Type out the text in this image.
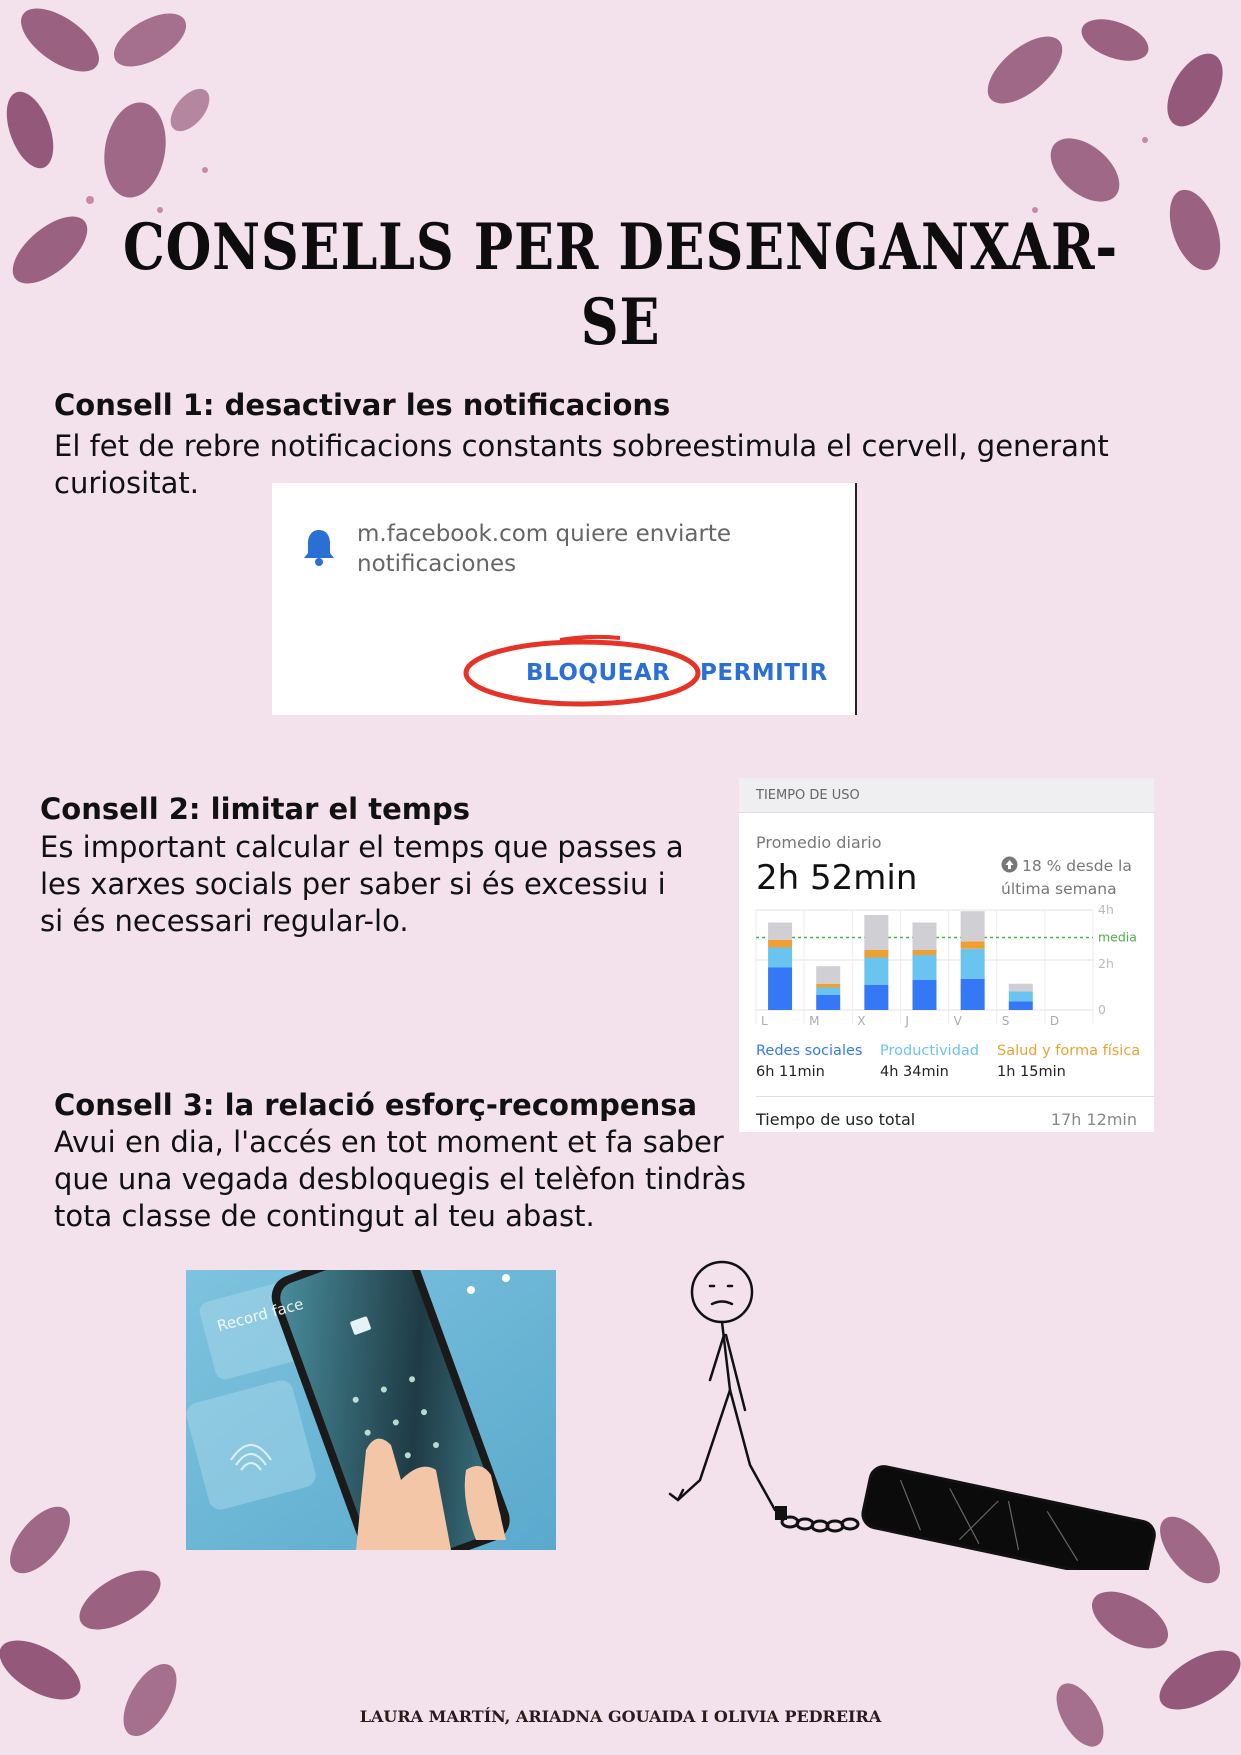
CONSELLS PER DESENGANXAR-SE

Consell 1: desactivar les notificacions

El fet de rebre notificacions constants sobreestimula el cervell, generant
curiositat.

m.facebook.com quiere enviarte
notificaciones
BLOQUEAR PERMITIR

Consell 2: limitar el temps

Es important calcular el temps que passes a
les xarxes socials per saber si és excessiu i
si és necessari regular-lo.

TIEMPO DE USO
Promedio diario
2h 52min	18 % desde la
última semana
L	M	X	J	V	S	D
4h
media
2h
0
Redes sociales
6h 11min
Productividad
4h 34min
Salud y forma física
1h 15min
Tiempo de uso total	17h 12min

Consell 3: la relació esforç-recompensa

Avui en dia, l'accés en tot moment et fa saber
que una vegada desbloquegis el telèfon tindràs
tota classe de contingut al teu abast.

Record face

LAURA MARTÍN, ARIADNA GOUAIDA I OLIVIA PEDREIRA
